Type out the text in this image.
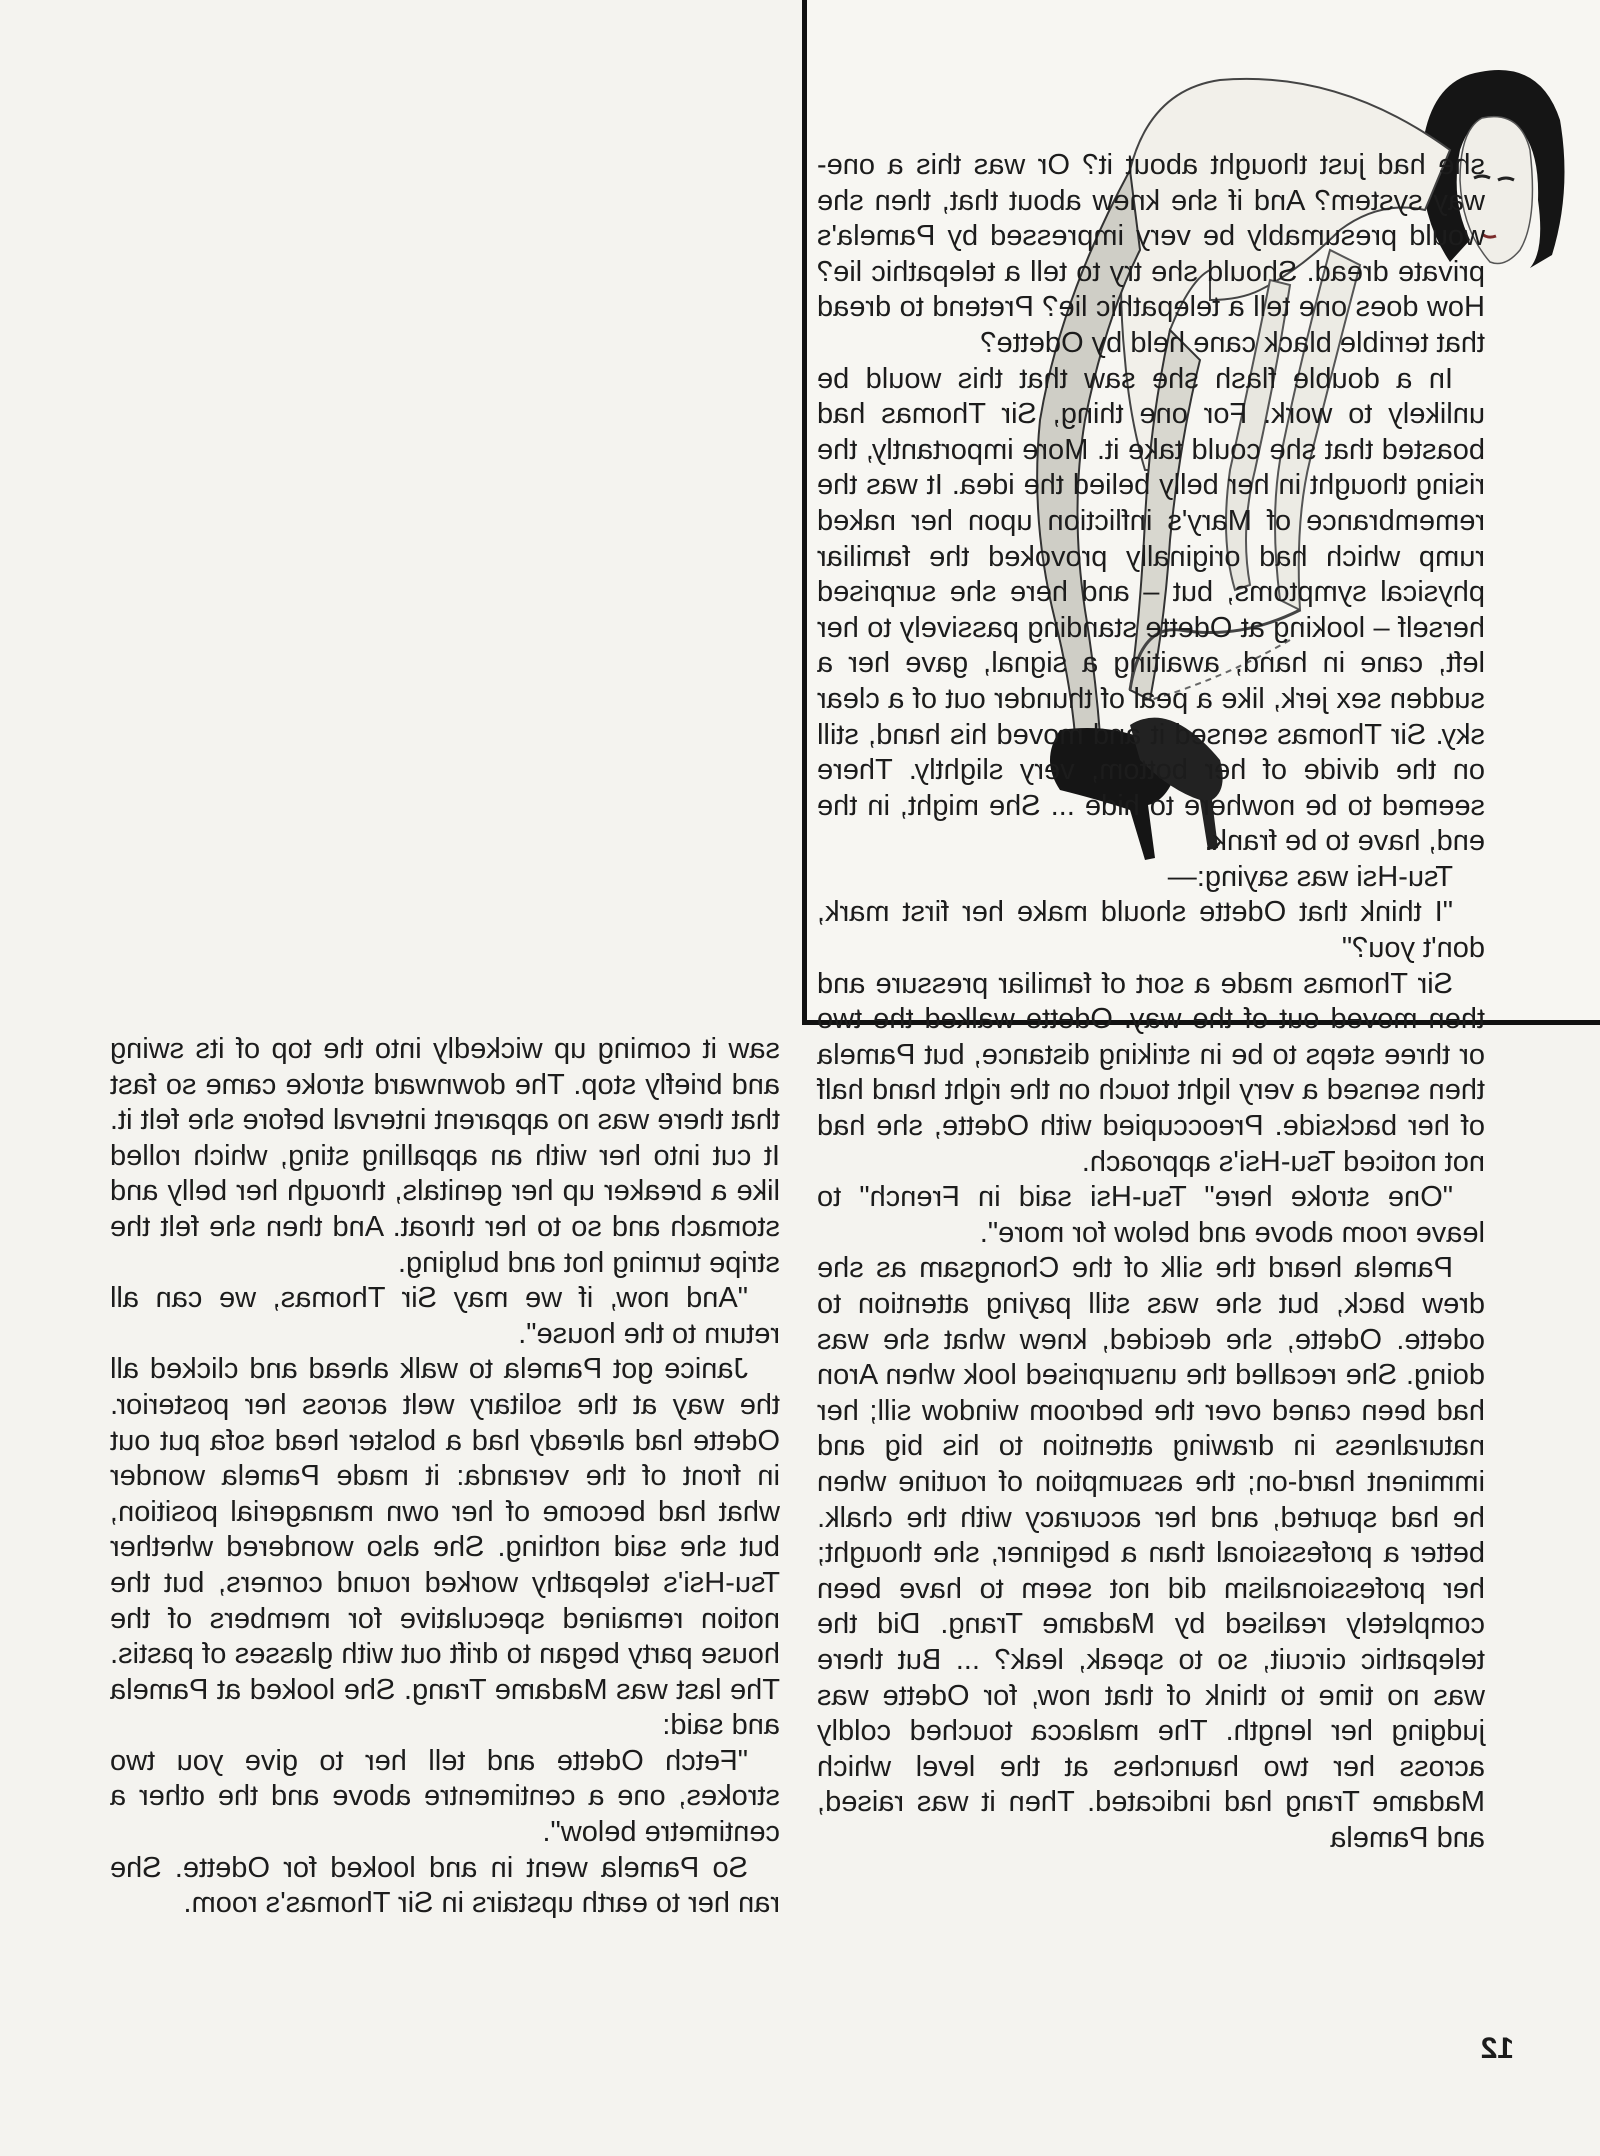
she had just thought about it? Or was this a one-way system? And if she knew about that, then she would presumably be very impressed by Pamela's private dread. Should she try to tell a telepathic lie? How does one tell a telepathic lie? Pretend to dread that terrible black cane held by Odette?

In a double flash she saw that this would be unlikely to work. For one thing, Sir Thomas had boasted that she could take it. More importantly, the rising thought in her belly belied the idea. It was the remembrance of Mary's infliction upon her naked rump which had originally provoked the familiar physical symptoms, but – and here she surprised herself – looking at Odette standing passively to her left, cane in hand, awaiting a signal, gave her a sudden sex jerk, like a peal of thunder out of a clear sky. Sir Thomas sensed it and moved his hand, still on the divide of her bottom, very slightly. There seemed to be nowhere to hide ... She might, in the end, have to be frank.

Tsu-Hsi was saying:—

"I think that Odette should make her first mark, don't you?"

Sir Thomas made a sort of familiar pressure and then moved out of the way. Odette walked the two or three steps to be in striking distance, but Pamela then sensed a very light touch on the right hand half of her backside. Preoccupied with Odette, she had not noticed Tsu-Hsi's approach.

"One stroke here" Tsu-Hsi said in French" to leave room above and below for more".

Pamela heard the silk of the Chongsam as she drew back, but she was still paying attention to odette. Odette, she decided, knew what she was doing. She recalled the unsurprised look when Aron had been caned over the bedroom window sill; her naturalness in drawing attention to his big and imminent hard-on; the assumption of routine when he had spurted, and her accuracy with the chalk. better a professional than a beginner, she thought; her professionalism did not seem to have been completely realised by Madame Trang. Did the telepathic circuit, so to speak, leak? ... But there was no time to think of that now, for Odette was judging her length. The malacca touched coldly across her two haunches at the level which Madame Trang had indicated. Then it was raised, and Pamela

saw it coming up wickedly into the top of its swing and briefly stop. The downward stroke came so fast that there was no apparent interval before she felt it. It cut into her with an appalling sting, which rolled like a breaker up her genitals, through her belly and stomach and so to her throat. And then she felt the stripe turning hot and bulging.

"And now, if we may Sir Thomas, we can all return to the house".

Janice got Pamela to walk ahead and clicked all the way at the solitary welt across her posterior. Odette had already had a bolster head sofa put out in front of the veranda: it made Pamela wonder what had become of her own managerial position, but she said nothing. She also wondered whether Tsu-Hsi's telepathy worked round corners, but the notion remained speculative for members of the house party began to drift out with glasses of pastis. The last was Madame Trang. She looked at Pamela and said:

"Fetch Odette and tell her to give you two strokes, one a centimentre above and the other a centimetre below".

So Pamela went in and looked for Odette. She ran her to earth upstairs in Sir Thomas's room.

12
